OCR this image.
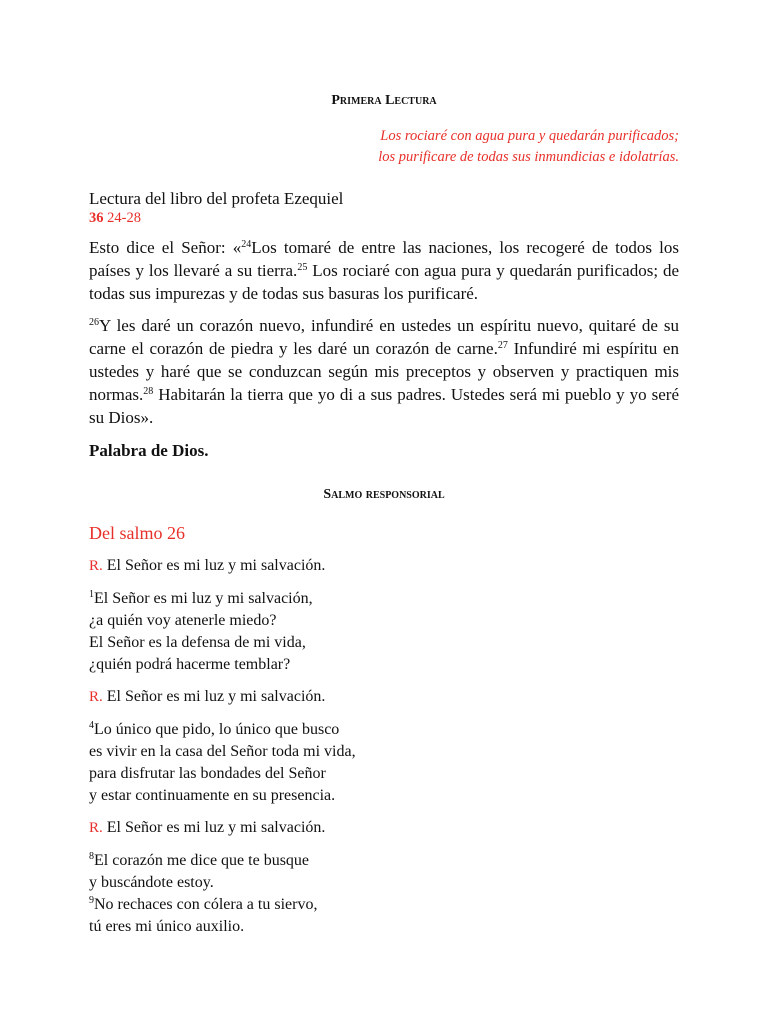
Primera Lectura
Los rociaré con agua pura y quedarán purificados;
los purificare de todas sus inmundicias e idolatrías.
Lectura del libro del profeta Ezequiel
36 24-28

Esto dice el Señor: «$^{24}$Los tomaré de entre las naciones, los recogeré de todos los países y los llevaré a su tierra.$^{25}$ Los rociaré con agua pura y quedarán purificados; de todas sus impurezas y de todas sus basuras los purificaré.

$^{26}$Y les daré un corazón nuevo, infundiré en ustedes un espíritu nuevo, quitaré de su carne el corazón de piedra y les daré un corazón de carne.$^{27}$ Infundiré mi espíritu en ustedes y haré que se conduzcan según mis preceptos y observen y practiquen mis normas.$^{28}$ Habitarán la tierra que yo di a sus padres. Ustedes será mi pueblo y yo seré su Dios».

Palabra de Dios.
Salmo responsorial
Del salmo 26
R. El Señor es mi luz y mi salvación.
$^1$El Señor es mi luz y mi salvación,
¿a quién voy atenerle miedo?
El Señor es la defensa de mi vida,
¿quién podrá hacerme temblar?
R. El Señor es mi luz y mi salvación.
$^4$Lo único que pido, lo único que busco
es vivir en la casa del Señor toda mi vida,
para disfrutar las bondades del Señor
y estar continuamente en su presencia.
R. El Señor es mi luz y mi salvación.
$^8$El corazón me dice que te busque
y buscándote estoy.
$^9$No rechaces con cólera a tu siervo,
tú eres mi único auxilio.
